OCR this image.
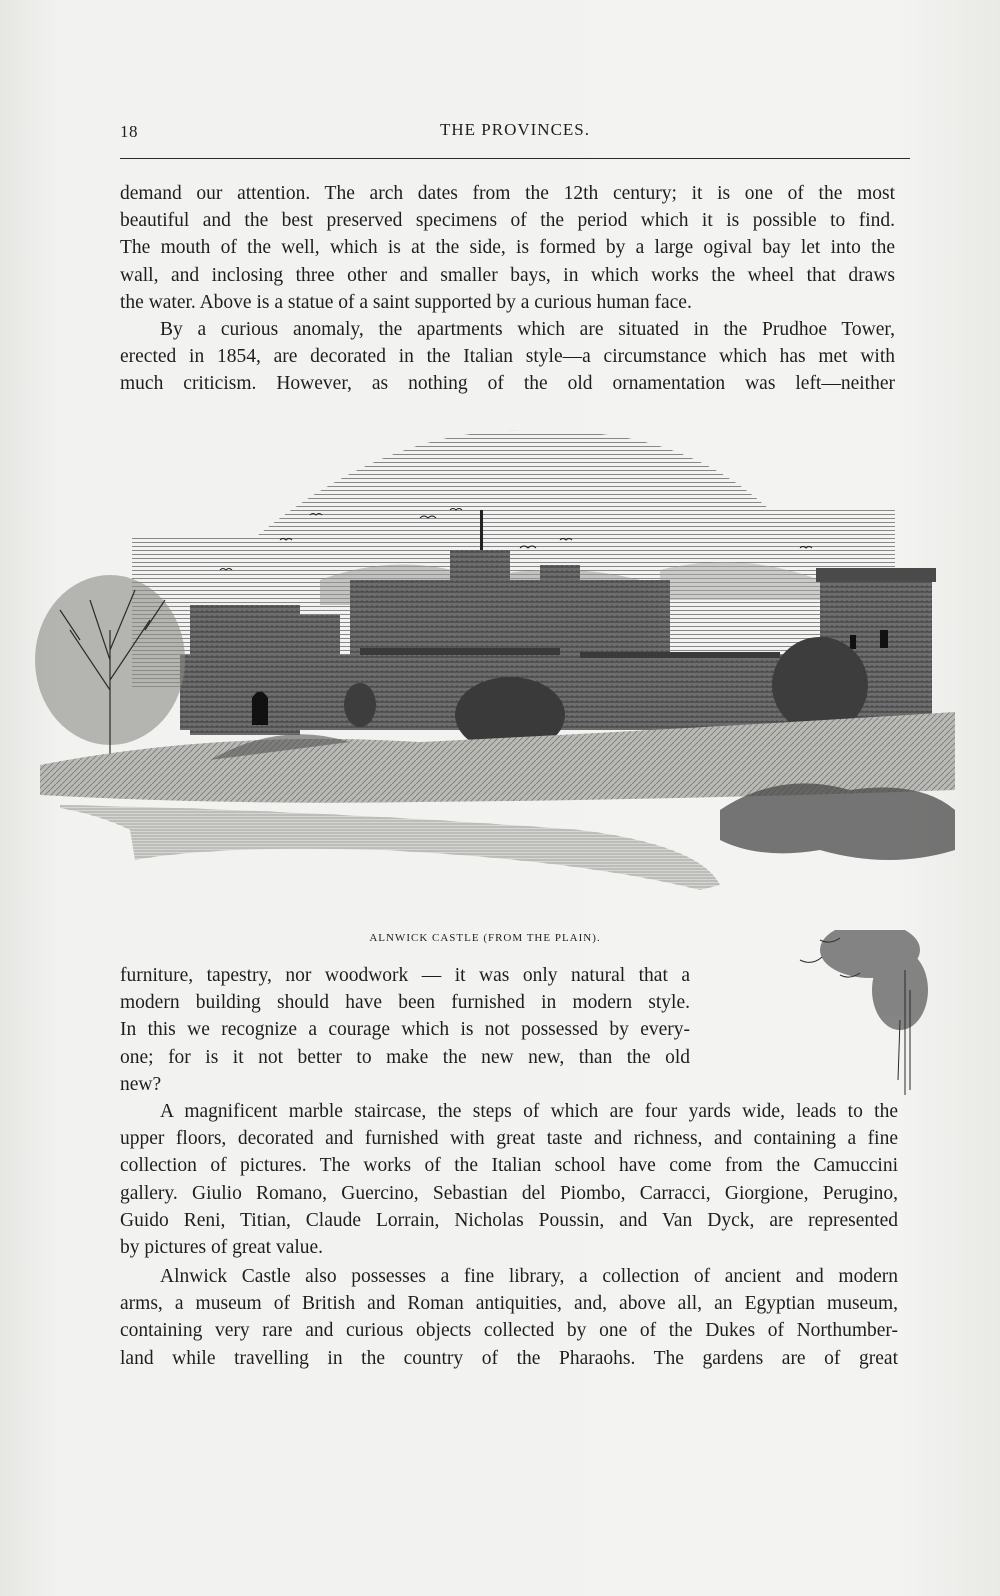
18	THE PROVINCES.
demand our attention. The arch dates from the 12th century; it is one of the most
beautiful and the best preserved specimens of the period which it is possible to find.
The mouth of the well, which is at the side, is formed by a large ogival bay let into the
wall, and inclosing three other and smaller bays, in which works the wheel that draws
the water. Above is a statue of a saint supported by a curious human face.
By a curious anomaly, the apartments which are situated in the Prudhoe Tower,
erected in 1854, are decorated in the Italian style—a circumstance which has met with
much criticism. However, as nothing of the old ornamentation was left—neither
ALNWICK CASTLE (FROM THE PLAIN).
furniture, tapestry, nor woodwork — it was only natural that a
modern building should have been furnished in modern style.
In this we recognize a courage which is not possessed by every-
one; for is it not better to make the new new, than the old
new?
A magnificent marble staircase, the steps of which are four yards wide, leads to the
upper floors, decorated and furnished with great taste and richness, and containing a fine
collection of pictures. The works of the Italian school have come from the Camuccini
gallery. Giulio Romano, Guercino, Sebastian del Piombo, Carracci, Giorgione, Perugino,
Guido Reni, Titian, Claude Lorrain, Nicholas Poussin, and Van Dyck, are represented
by pictures of great value.
Alnwick Castle also possesses a fine library, a collection of ancient and modern
arms, a museum of British and Roman antiquities, and, above all, an Egyptian museum,
containing very rare and curious objects collected by one of the Dukes of Northumber-
land while travelling in the country of the Pharaohs. The gardens are of great
